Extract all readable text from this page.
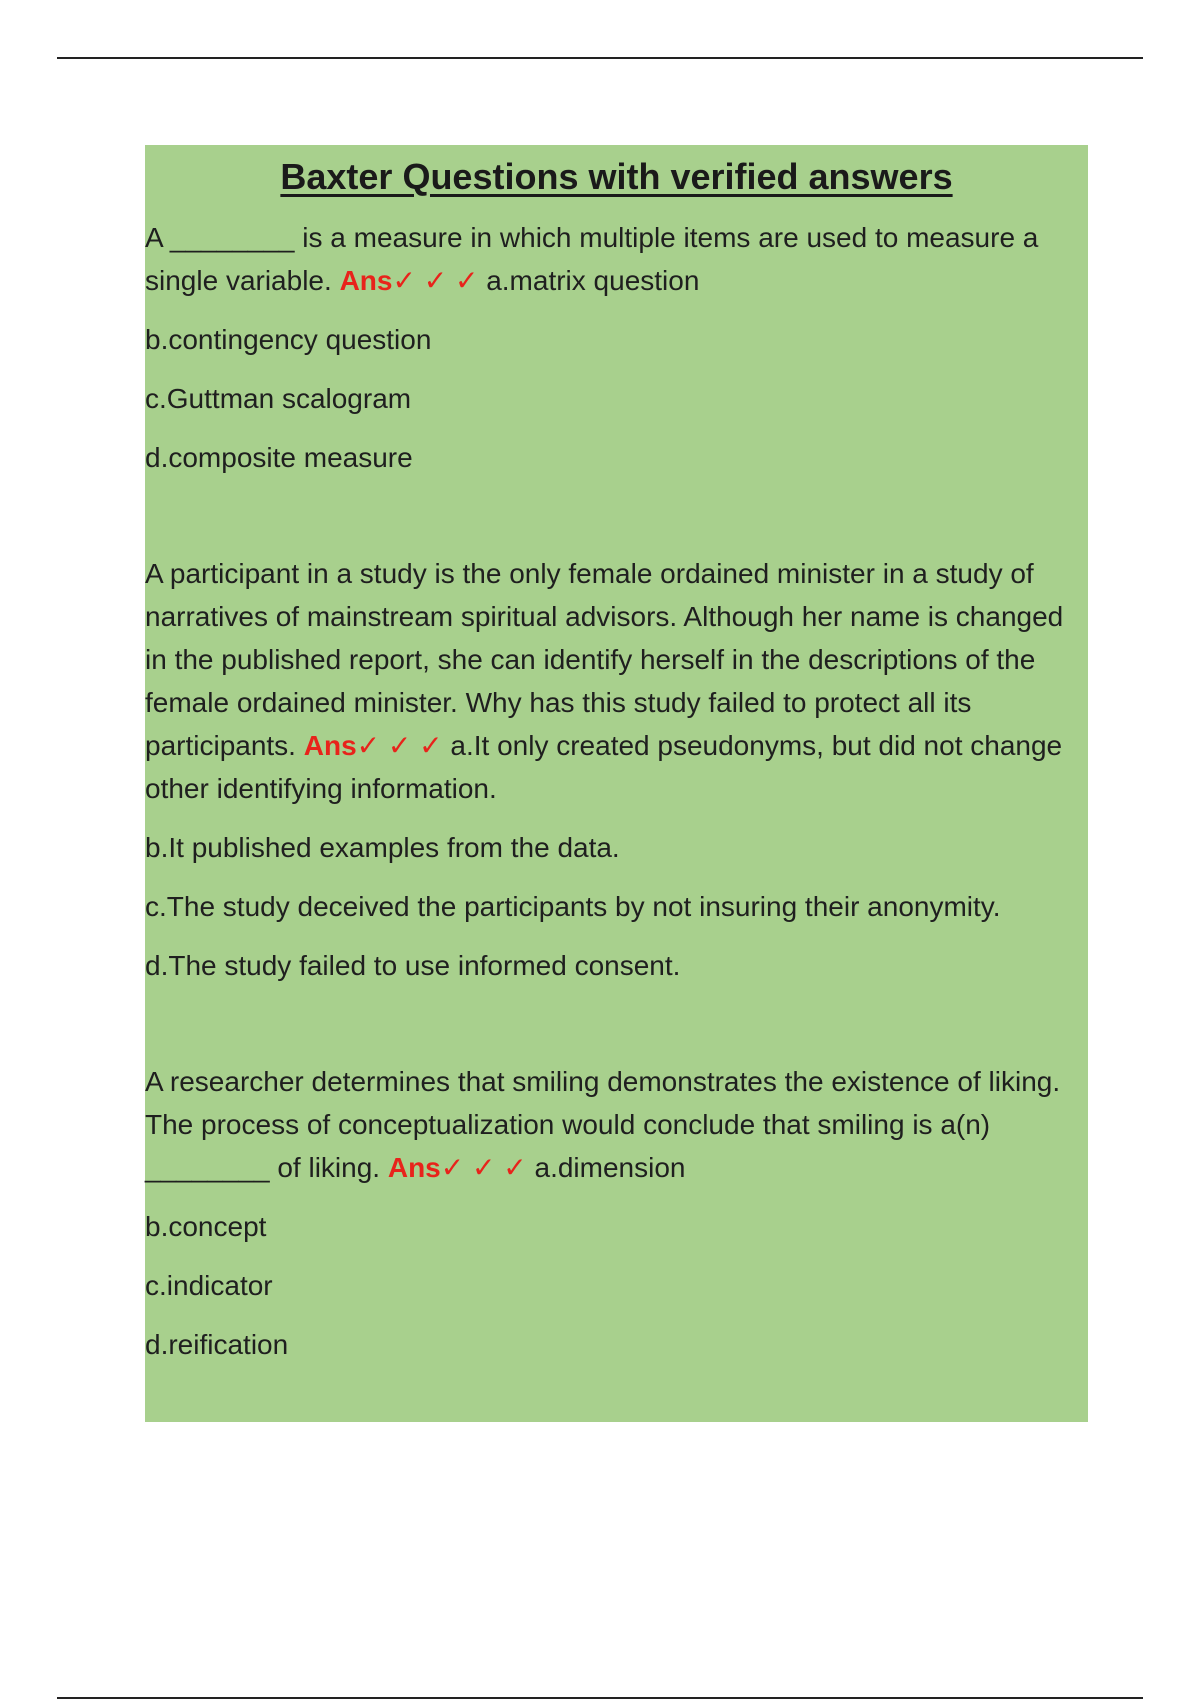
Baxter Questions with verified answers

A ________ is a measure in which multiple items are used to measure a single variable. Ans✓ ✓ ✓ a.matrix question

b.contingency question

c.Guttman scalogram

d.composite measure

A participant in a study is the only female ordained minister in a study of narratives of mainstream spiritual advisors. Although her name is changed in the published report, she can identify herself in the descriptions of the female ordained minister. Why has this study failed to protect all its participants. Ans✓ ✓ ✓ a.It only created pseudonyms, but did not change other identifying information.

b.It published examples from the data.

c.The study deceived the participants by not insuring their anonymity.

d.The study failed to use informed consent.

A researcher determines that smiling demonstrates the existence of liking. The process of conceptualization would conclude that smiling is a(n) ________ of liking. Ans✓ ✓ ✓ a.dimension

b.concept

c.indicator

d.reification
